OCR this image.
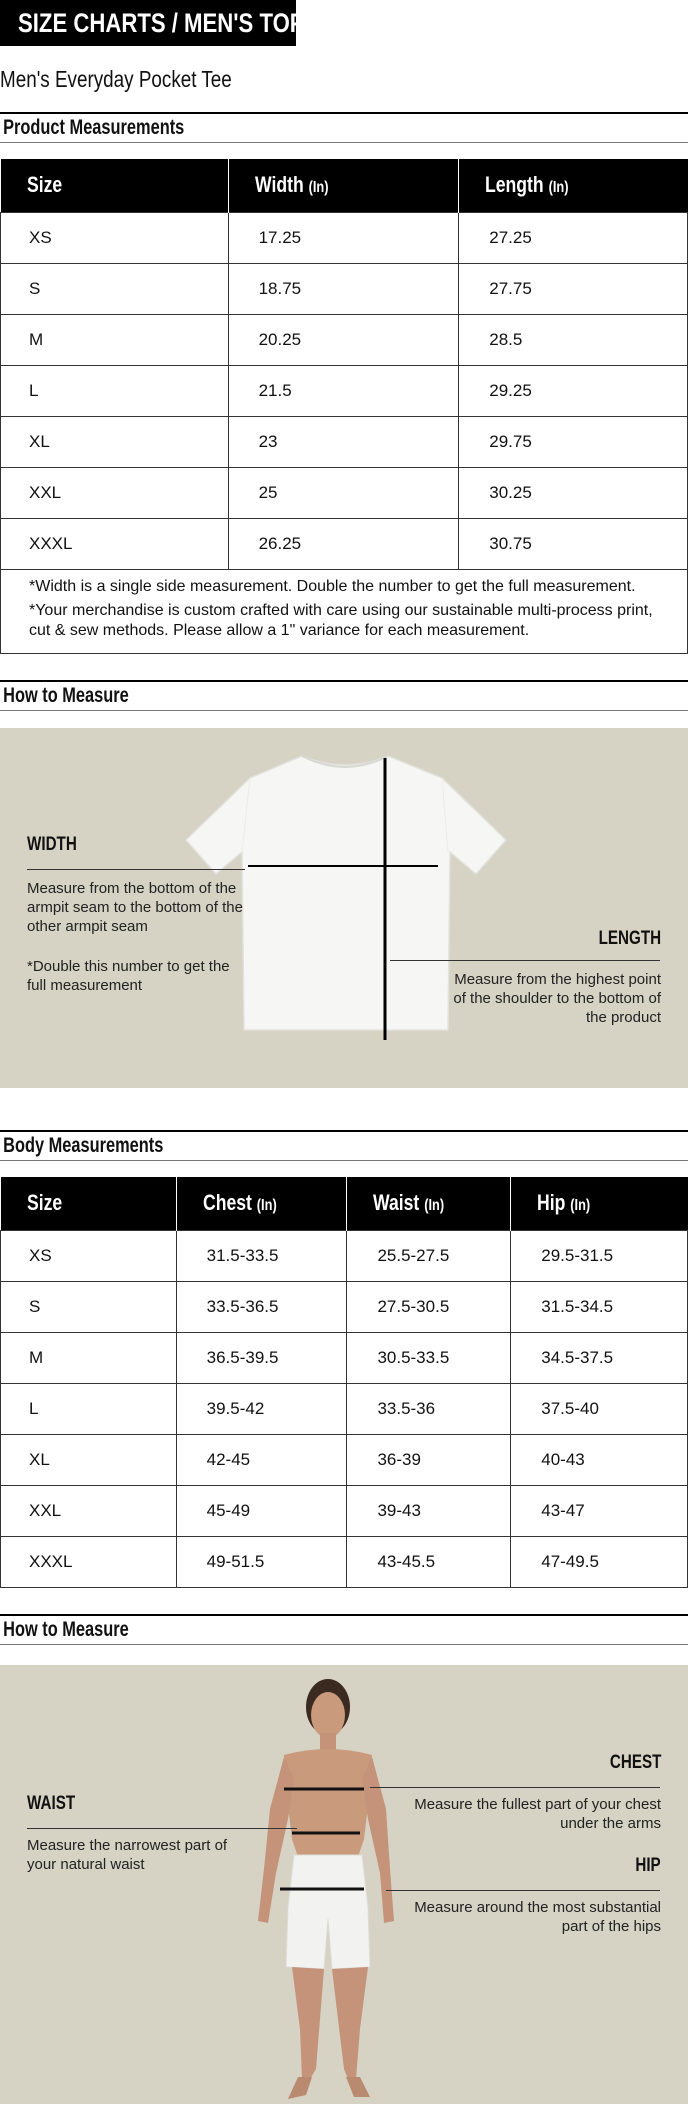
SIZE CHARTS / MEN'S TOPS
Men's Everyday Pocket Tee
Product Measurements
Size	Width (In)	Length (In)
XS	17.25	27.25
S	18.75	27.75
M	20.25	28.5
L	21.5	29.25
XL	23	29.75
XXL	25	30.25
XXXL	26.25	30.75

*Width is a single side measurement. Double the number to get the full measurement.

*Your merchandise is custom crafted with care using our sustainable multi-process print, cut & sew methods. Please allow a 1" variance for each measurement.

How to Measure
WIDTH
Measure from the bottom of the armpit seam to the bottom of the other armpit seam
*Double this number to get the full measurement
LENGTH
Measure from the highest point of the shoulder to the bottom of the product
Body Measurements
Size	Chest (In)	Waist (In)	Hip (In)
XS	31.5-33.5	25.5-27.5	29.5-31.5
S	33.5-36.5	27.5-30.5	31.5-34.5
M	36.5-39.5	30.5-33.5	34.5-37.5
L	39.5-42	33.5-36	37.5-40
XL	42-45	36-39	40-43
XXL	45-49	39-43	43-47
XXXL	49-51.5	43-45.5	47-49.5
How to Measure
WAIST
Measure the narrowest part of your natural waist
CHEST
Measure the fullest part of your chest under the arms
HIP
Measure around the most substantial part of the hips
